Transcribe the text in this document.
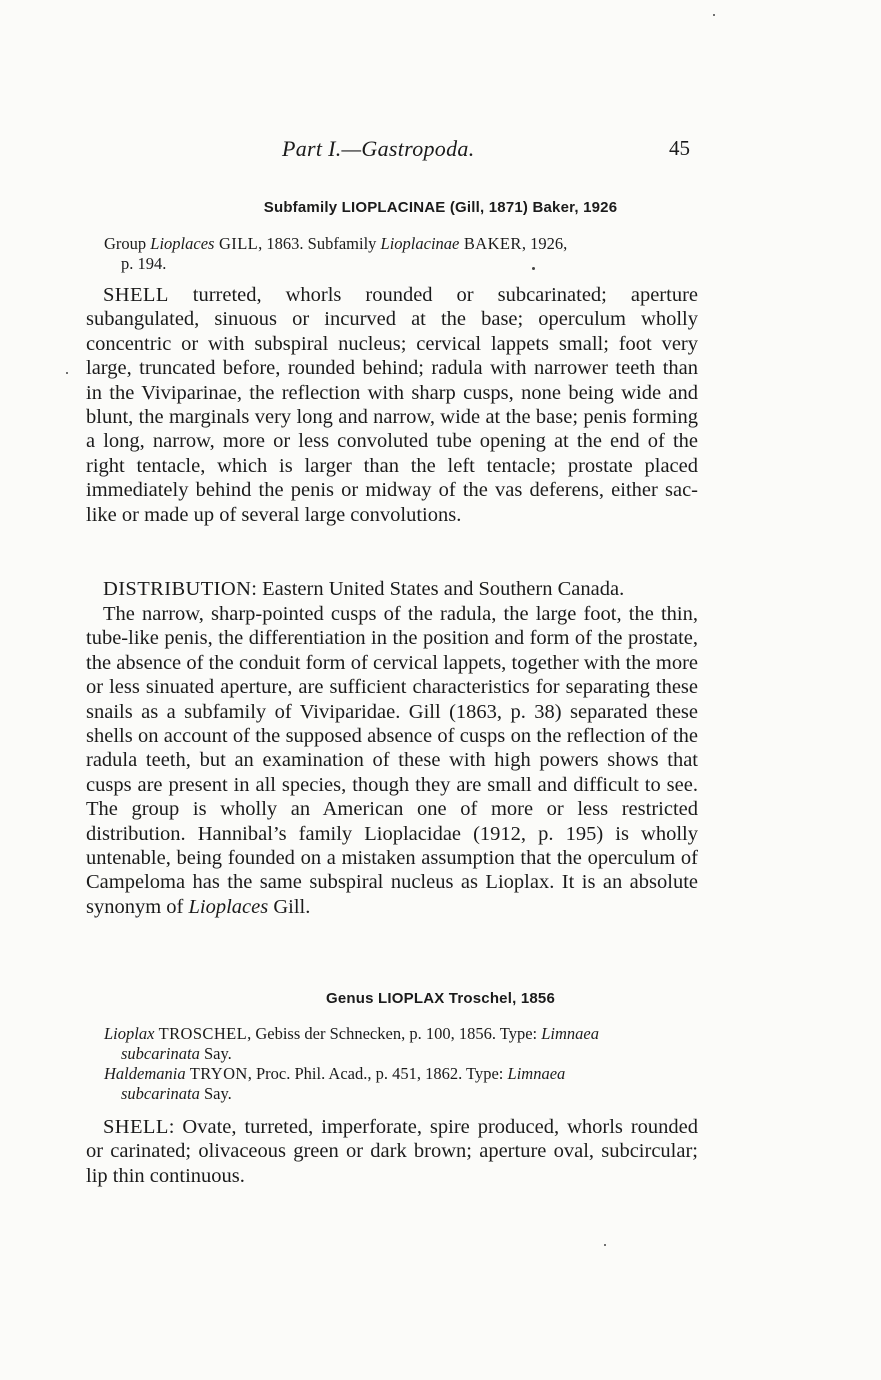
Part I.—Gastropoda.	45
Subfamily LIOPLACINAE (Gill, 1871) Baker, 1926
Group Lioplaces GILL, 1863. Subfamily Lioplacinae BAKER, 1926,
p. 194.

SHELL turreted, whorls rounded or subcarinated; aperture subangulated, sinuous or incurved at the base; operculum wholly concentric or with subspiral nucleus; cervical lappets small; foot very large, truncated before, rounded behind; radula with narrower teeth than in the Viviparinae, the reflection with sharp cusps, none being wide and blunt, the marginals very long and narrow, wide at the base; penis forming a long, narrow, more or less convoluted tube opening at the end of the right tentacle, which is larger than the left tentacle; prostate placed immediately behind the penis or midway of the vas deferens, either sac-like or made up of several large convolutions.

DISTRIBUTION: Eastern United States and Southern Canada.

The narrow, sharp-pointed cusps of the radula, the large foot, the thin, tube-like penis, the differentiation in the position and form of the prostate, the absence of the conduit form of cervical lappets, together with the more or less sinuated aperture, are sufficient characteristics for separating these snails as a subfamily of Viviparidae. Gill (1863, p. 38) separated these shells on account of the supposed absence of cusps on the reflection of the radula teeth, but an examination of these with high powers shows that cusps are present in all species, though they are small and difficult to see. The group is wholly an American one of more or less restricted distribution. Hannibal’s family Lioplacidae (1912, p. 195) is wholly untenable, being founded on a mistaken assumption that the operculum of Campeloma has the same subspiral nucleus as Lioplax. It is an absolute synonym of Lioplaces Gill.

Genus LIOPLAX Troschel, 1856
Lioplax TROSCHEL, Gebiss der Schnecken, p. 100, 1856. Type: Limnaea
subcarinata Say.
Haldemania TRYON, Proc. Phil. Acad., p. 451, 1862. Type: Limnaea
subcarinata Say.

SHELL: Ovate, turreted, imperforate, spire produced, whorls rounded or carinated; olivaceous green or dark brown; aperture oval, subcircular; lip thin continuous.
